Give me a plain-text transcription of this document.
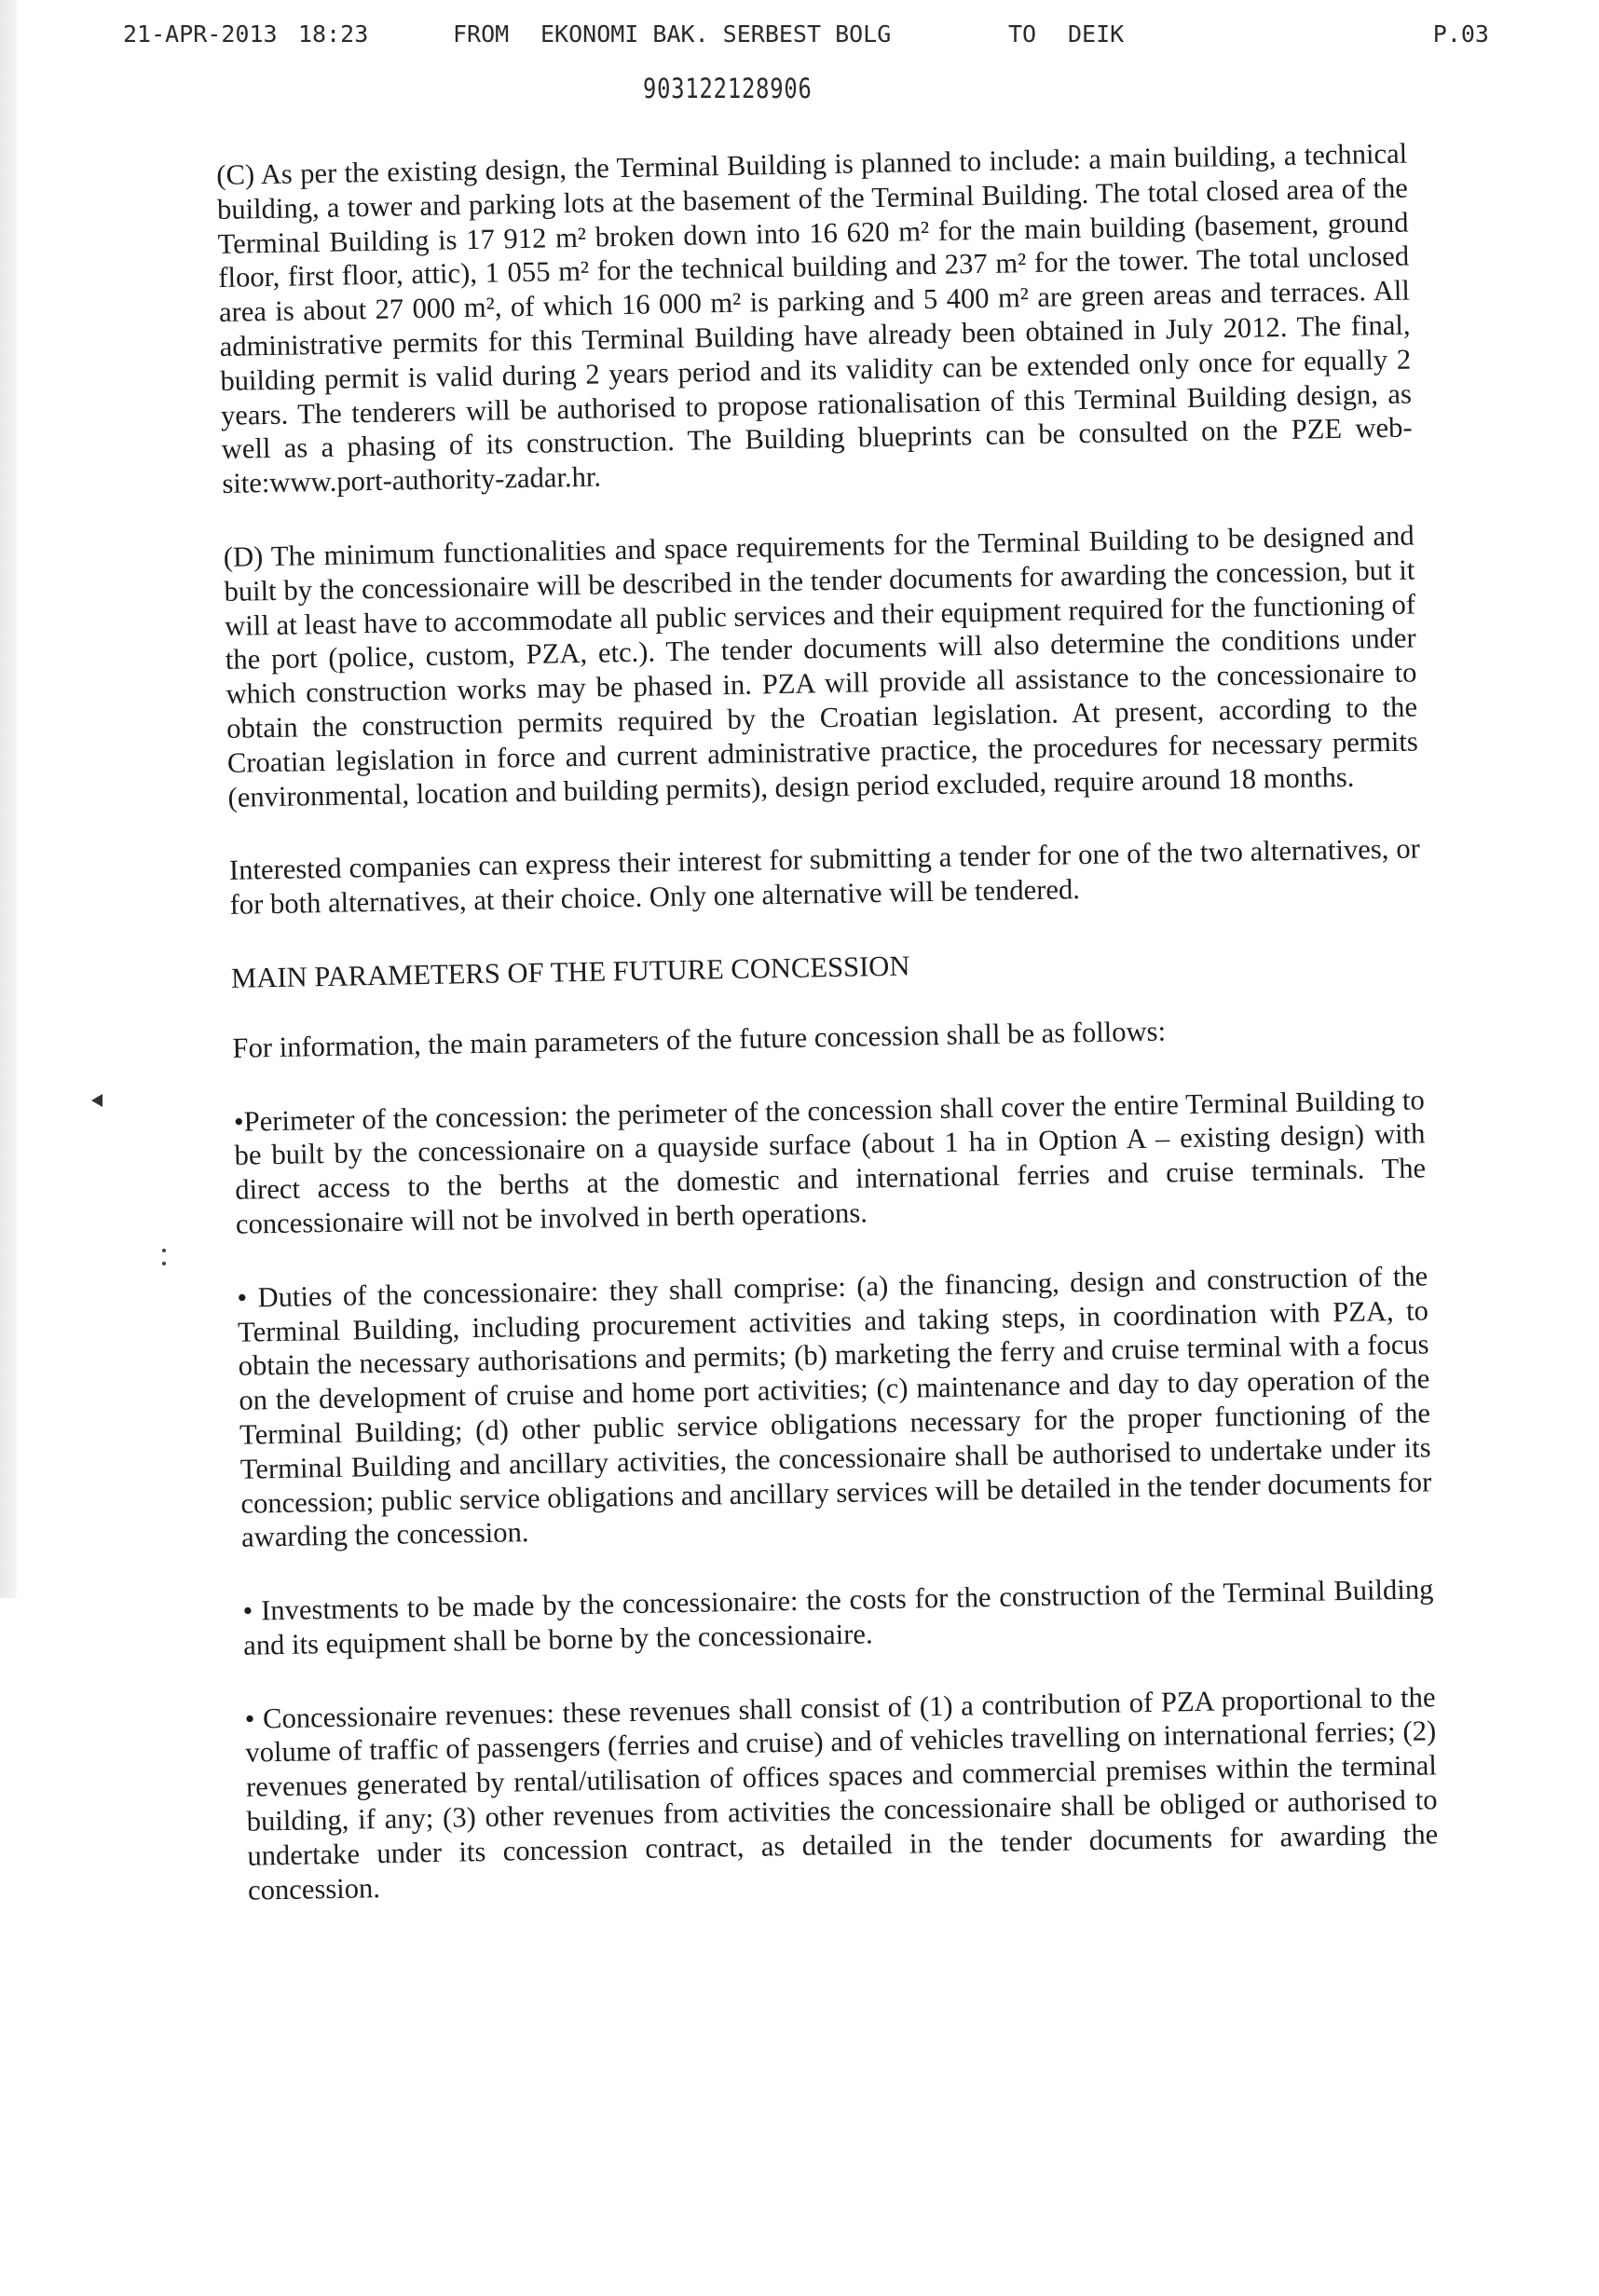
21-APR-2013

18:23

	FROM

EKONOMI BAK. SERBEST BOLG

	TO

DEIK

	P.03

903122128906

(C) As per the existing design, the Terminal Building is planned to include: a main building, a technical building, a tower and parking lots at the basement of the Terminal Building. The total closed area of the Terminal Building is 17 912 m² broken down into 16 620 m² for the main building (basement, ground floor, first floor, attic), 1 055 m² for the technical building and 237 m² for the tower. The total unclosed area is about 27 000 m², of which 16 000 m² is parking and 5 400 m² are green areas and terraces. All administrative permits for this Terminal Building have already been obtained in July 2012. The final, building permit is valid during 2 years period and its validity can be extended only once for equally 2 years. The tenderers will be authorised to propose rationalisation of this Terminal Building design, as well as a phasing of its construction. The Building blueprints can be consulted on the PZE web-site:www.port-authority-zadar.hr.

(D) The minimum functionalities and space requirements for the Terminal Building to be designed and built by the concessionaire will be described in the tender documents for awarding the concession, but it will at least have to accommodate all public services and their equipment required for the functioning of the port (police, custom, PZA, etc.). The tender documents will also determine the conditions under which construction works may be phased in. PZA will provide all assistance to the concessionaire to obtain the construction permits required by the Croatian legislation. At present, according to the Croatian legislation in force and current administrative practice, the procedures for necessary permits (environmental, location and building permits), design period excluded, require around 18 months.

Interested companies can express their interest for submitting a tender for one of the two alternatives, or for both alternatives, at their choice. Only one alternative will be tendered.

MAIN PARAMETERS OF THE FUTURE CONCESSION

For information, the main parameters of the future concession shall be as follows:

•Perimeter of the concession: the perimeter of the concession shall cover the entire Terminal Building to be built by the concessionaire on a quayside surface (about 1 ha in Option A – existing design) with direct access to the berths at the domestic and international ferries and cruise terminals. The concessionaire will not be involved in berth operations.

• Duties of the concessionaire: they shall comprise: (a) the financing, design and construction of the Terminal Building, including procurement activities and taking steps, in coordination with PZA, to obtain the necessary authorisations and permits; (b) marketing the ferry and cruise terminal with a focus on the development of cruise and home port activities; (c) maintenance and day to day operation of the Terminal Building; (d) other public service obligations necessary for the proper functioning of the Terminal Building and ancillary activities, the concessionaire shall be authorised to undertake under its concession; public service obligations and ancillary services will be detailed in the tender documents for awarding the concession.

• Investments to be made by the concessionaire: the costs for the construction of the Terminal Building and its equipment shall be borne by the concessionaire.

• Concessionaire revenues: these revenues shall consist of (1) a contribution of PZA proportional to the volume of traffic of passengers (ferries and cruise) and of vehicles travelling on international ferries; (2) revenues generated by rental/utilisation of offices spaces and commercial premises within the terminal building, if any; (3) other revenues from activities the concessionaire shall be obliged or authorised to undertake under its concession contract, as detailed in the tender documents for awarding the concession.
